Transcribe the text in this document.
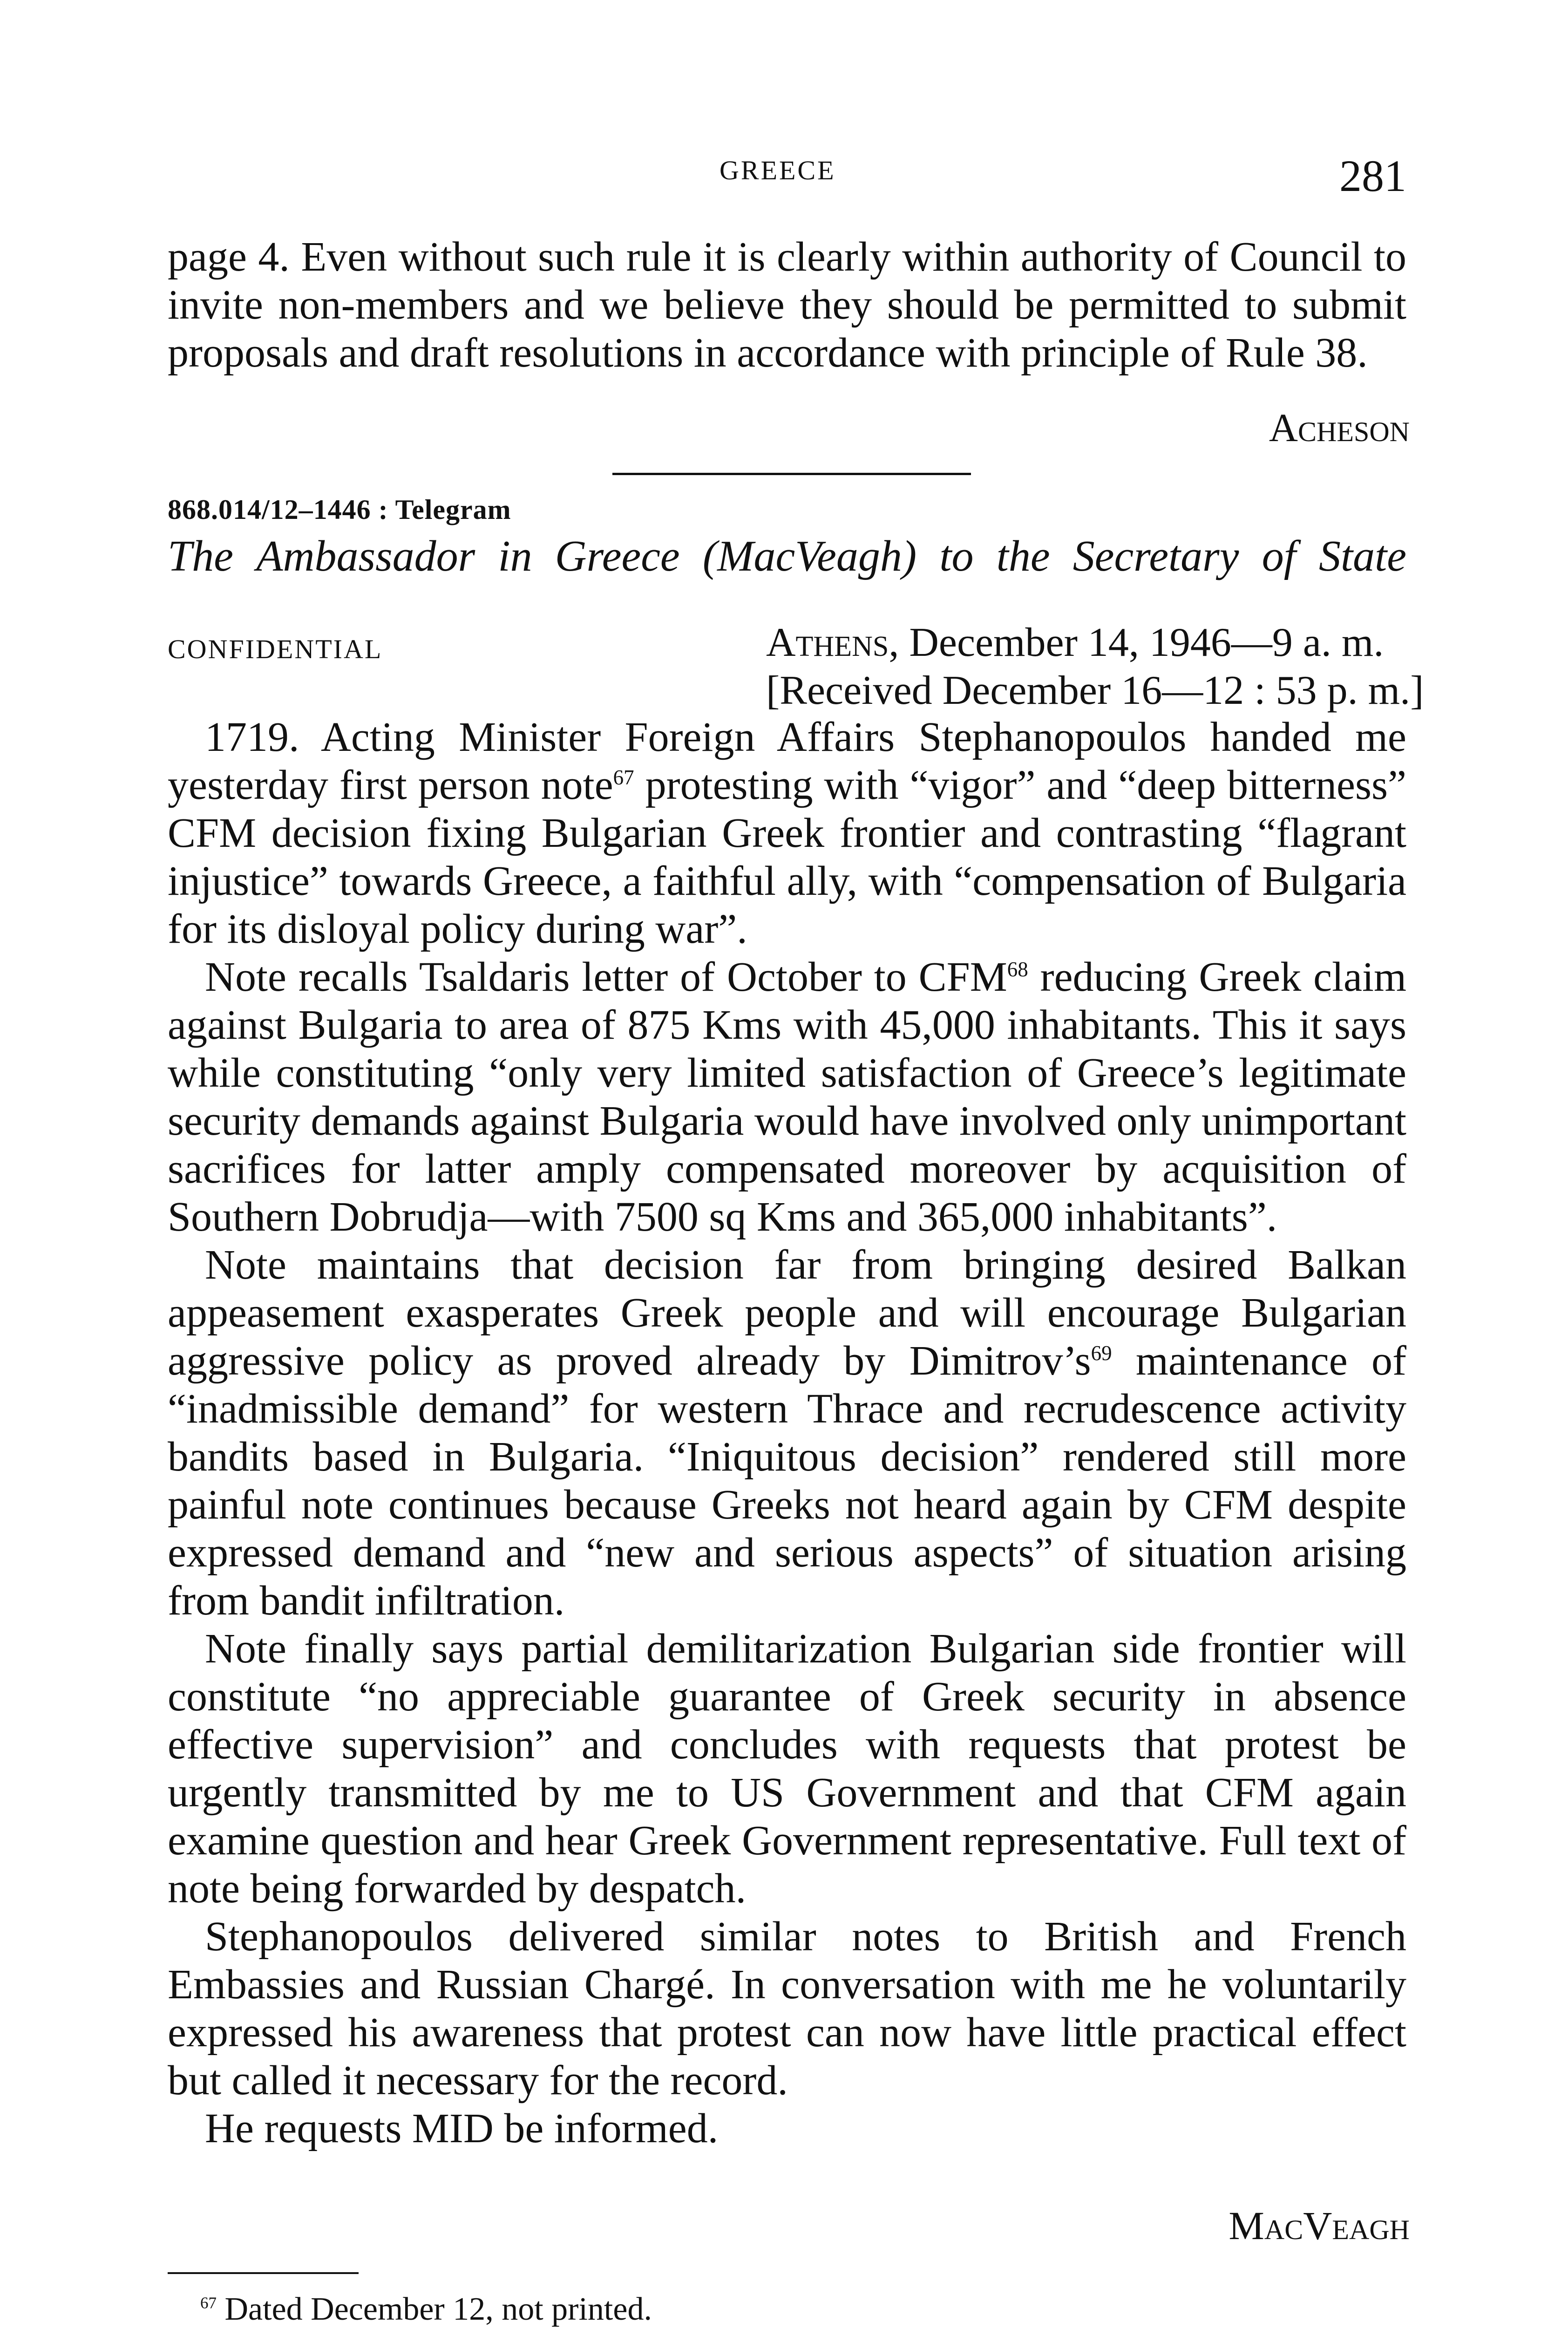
GREECE	281

page 4. Even without such rule it is clearly within authority of Council to invite non-members and we believe they should be permitted to submit proposals and draft resolutions in accordance with principle of Rule 38.

Acheson
868.014/12–1446 : Telegram
The Ambassador in Greece (MacVeagh) to the Secretary of State
CONFIDENTIAL	Athens, December 14, 1946—9 a. m.
[Received December 16—12 : 53 p. m.]

1719. Acting Minister Foreign Affairs Stephanopoulos handed me yesterday first person note$^{67}$ protesting with “vigor” and “deep bitterness” CFM decision fixing Bulgarian Greek frontier and contrasting “flagrant injustice” towards Greece, a faithful ally, with “compensation of Bulgaria for its disloyal policy during war”.

Note recalls Tsaldaris letter of October to CFM$^{68}$ reducing Greek claim against Bulgaria to area of 875 Kms with 45,000 inhabitants. This it says while constituting “only very limited satisfaction of Greece’s legitimate security demands against Bulgaria would have involved only unimportant sacrifices for latter amply compensated moreover by acquisition of Southern Dobrudja—with 7500 sq Kms and 365,000 inhabitants”.

Note maintains that decision far from bringing desired Balkan appeasement exasperates Greek people and will encourage Bulgarian aggressive policy as proved already by $Dimitrov’s^{69}$ maintenance of “inadmissible demand” for western Thrace and recrudescence activity bandits based in Bulgaria. “Iniquitous decision” rendered still more painful note continues because Greeks not heard again by CFM despite expressed demand and “new and serious aspects” of situation arising from bandit infiltration.

Note finally says partial demilitarization Bulgarian side frontier will constitute “no appreciable guarantee of Greek security in absence effective supervision” and concludes with requests that protest be urgently transmitted by me to US Government and that CFM again examine question and hear Greek Government representative. Full text of note being forwarded by despatch.

Stephanopoulos delivered similar notes to British and French Embassies and Russian Chargé. In conversation with me he voluntarily expressed his awareness that protest can now have little practical effect but called it necessary for the record.

He requests MID be informed.

MacVeagh

$^{67}$ Dated December 12, not printed.
